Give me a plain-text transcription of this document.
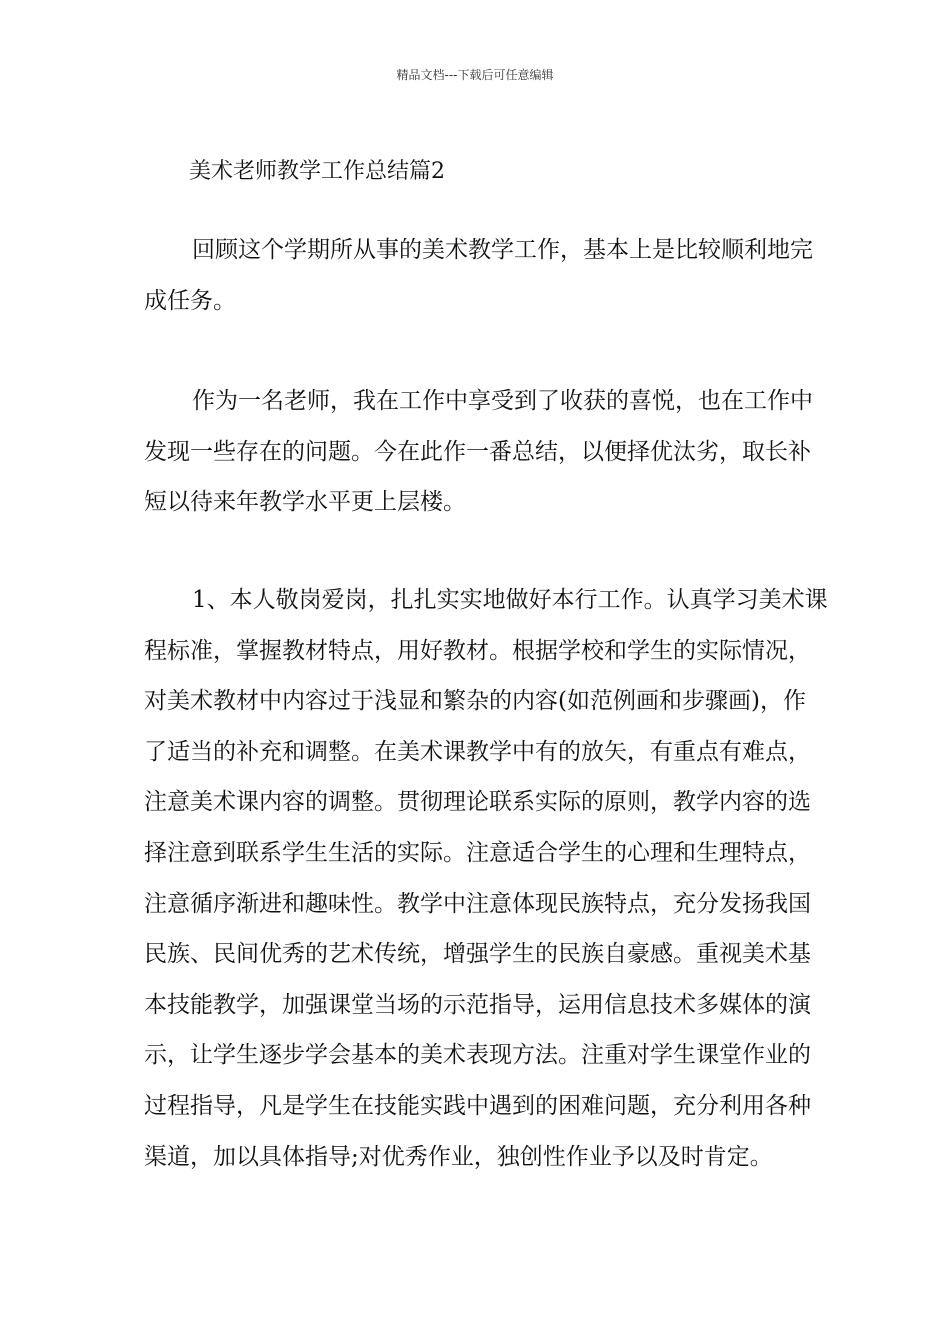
精品文档---下载后可任意编辑
美术老师教学工作总结篇2
回顾这个学期所从事的美术教学工作，基本上是比较顺利地完
成任务。
作为一名老师，我在工作中享受到了收获的喜悦，也在工作中
发现一些存在的问题。今在此作一番总结，以便择优汰劣，取长补
短以待来年教学水平更上层楼。
1、本人敬岗爱岗，扎扎实实地做好本行工作。认真学习美术课
程标准，掌握教材特点，用好教材。根据学校和学生的实际情况，
对美术教材中内容过于浅显和繁杂的内容(如范例画和步骤画)，作
了适当的补充和调整。在美术课教学中有的放矢，有重点有难点，
注意美术课内容的调整。贯彻理论联系实际的原则，教学内容的选
择注意到联系学生生活的实际。注意适合学生的心理和生理特点，
注意循序渐进和趣味性。教学中注意体现民族特点，充分发扬我国
民族、民间优秀的艺术传统，增强学生的民族自豪感。重视美术基
本技能教学，加强课堂当场的示范指导，运用信息技术多媒体的演
示，让学生逐步学会基本的美术表现方法。注重对学生课堂作业的
过程指导，凡是学生在技能实践中遇到的困难问题，充分利用各种
渠道，加以具体指导;对优秀作业，独创性作业予以及时肯定。
